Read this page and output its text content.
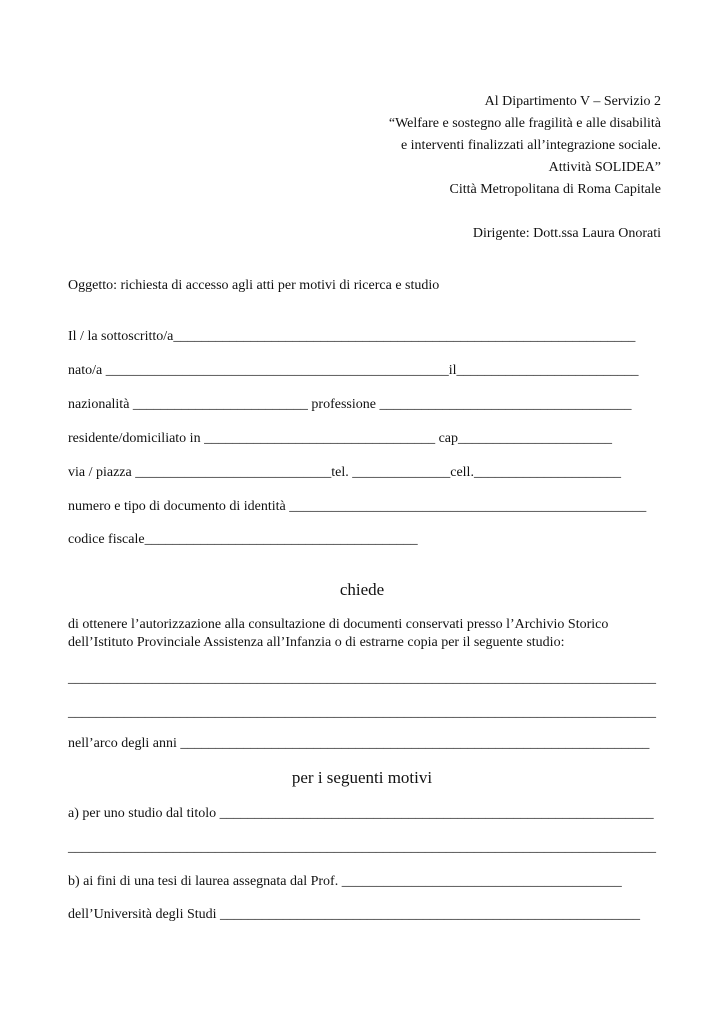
Al Dipartimento V – Servizio 2
“Welfare e sostegno alle fragilità e alle disabilità
e interventi finalizzati all’integrazione sociale.
Attività SOLIDEA”
Città Metropolitana di Roma Capitale
Dirigente: Dott.ssa Laura Onorati
Oggetto: richiesta di accesso agli atti per motivi di ricerca e studio
Il / la sottoscritto/a__________________________________________________________________
nato/a _________________________________________________il__________________________
nazionalità _________________________ professione ____________________________________
residente/domiciliato in _________________________________ cap______________________
via / piazza ____________________________tel. ______________cell._____________________
numero e tipo di documento di identità ___________________________________________________
codice fiscale_______________________________________
chiede
di ottenere l’autorizzazione alla consultazione di documenti conservati presso l’Archivio Storico
dell’Istituto Provinciale Assistenza all’Infanzia o di estrarne copia per il seguente studio:
____________________________________________________________________________________
____________________________________________________________________________________
nell’arco degli anni ___________________________________________________________________
per i seguenti motivi
a) per uno studio dal titolo ______________________________________________________________
____________________________________________________________________________________
b) ai fini di una tesi di laurea assegnata dal Prof. ________________________________________
dell’Università degli Studi ____________________________________________________________
